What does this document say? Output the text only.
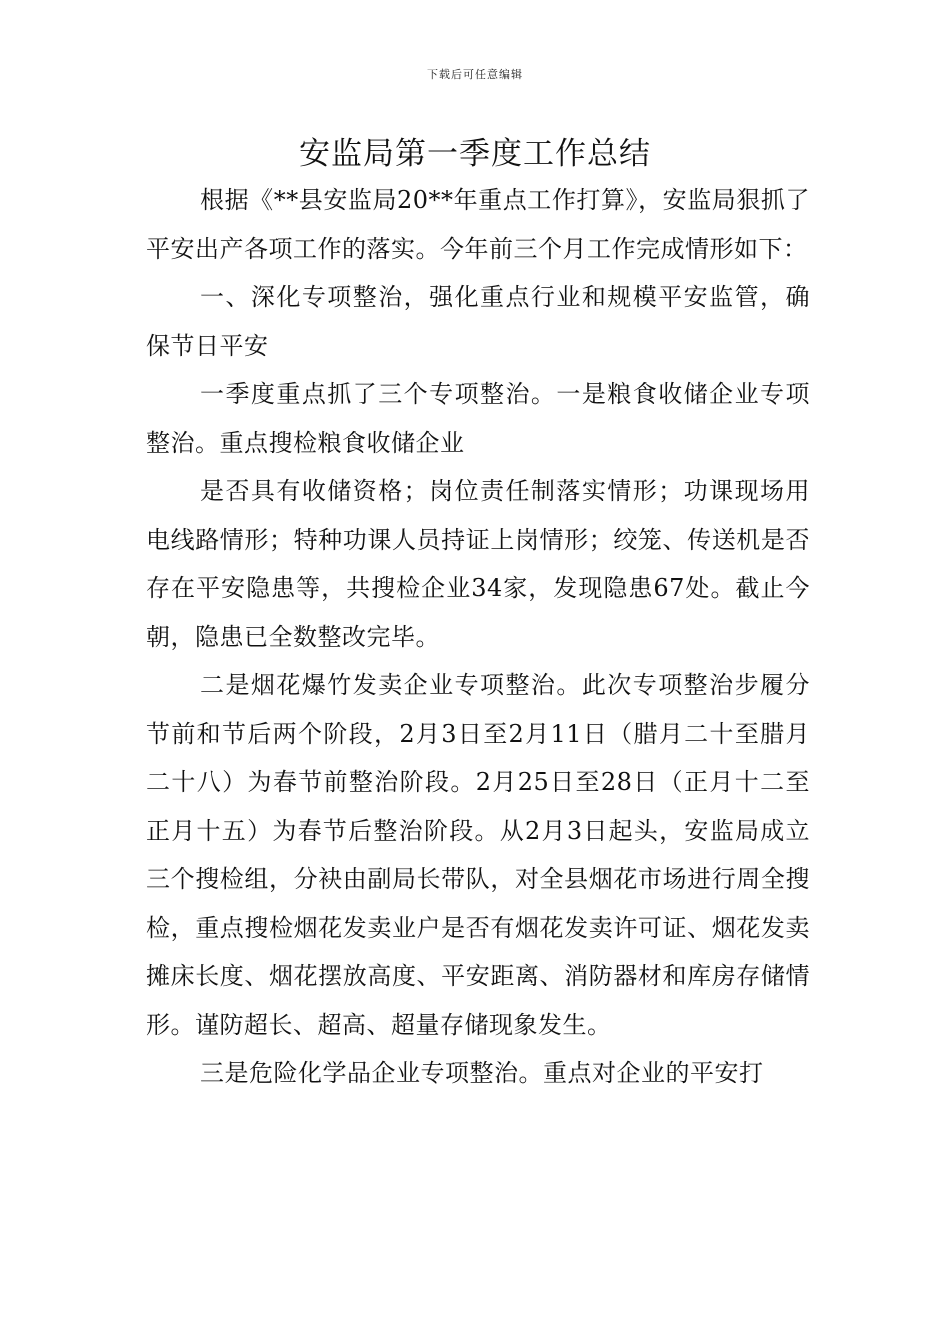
下载后可任意编辑
安监局第一季度工作总结

根据《**县安监局20**年重点工作打算》，安监局狠抓了平安出产各项工作的落实。今年前三个月工作完成情形如下：

一、深化专项整治，强化重点行业和规模平安监管，确保节日平安

一季度重点抓了三个专项整治。一是粮食收储企业专项整治。重点搜检粮食收储企业

是否具有收储资格；岗位责任制落实情形；功课现场用电线路情形；特种功课人员持证上岗情形；绞笼、传送机是否存在平安隐患等，共搜检企业34家，发现隐患67处。截止今朝，隐患已全数整改完毕。

二是烟花爆竹发卖企业专项整治。此次专项整治步履分节前和节后两个阶段，2月3日至2月11日（腊月二十至腊月二十八）为春节前整治阶段。2月25日至28日（正月十二至正月十五）为春节后整治阶段。从2月3日起头，安监局成立三个搜检组，分袂由副局长带队，对全县烟花市场进行周全搜检，重点搜检烟花发卖业户是否有烟花发卖许可证、烟花发卖摊床长度、烟花摆放高度、平安距离、消防器材和库房存储情形。谨防超长、超高、超量存储现象发生。

三是危险化学品企业专项整治。重点对企业的平安打
